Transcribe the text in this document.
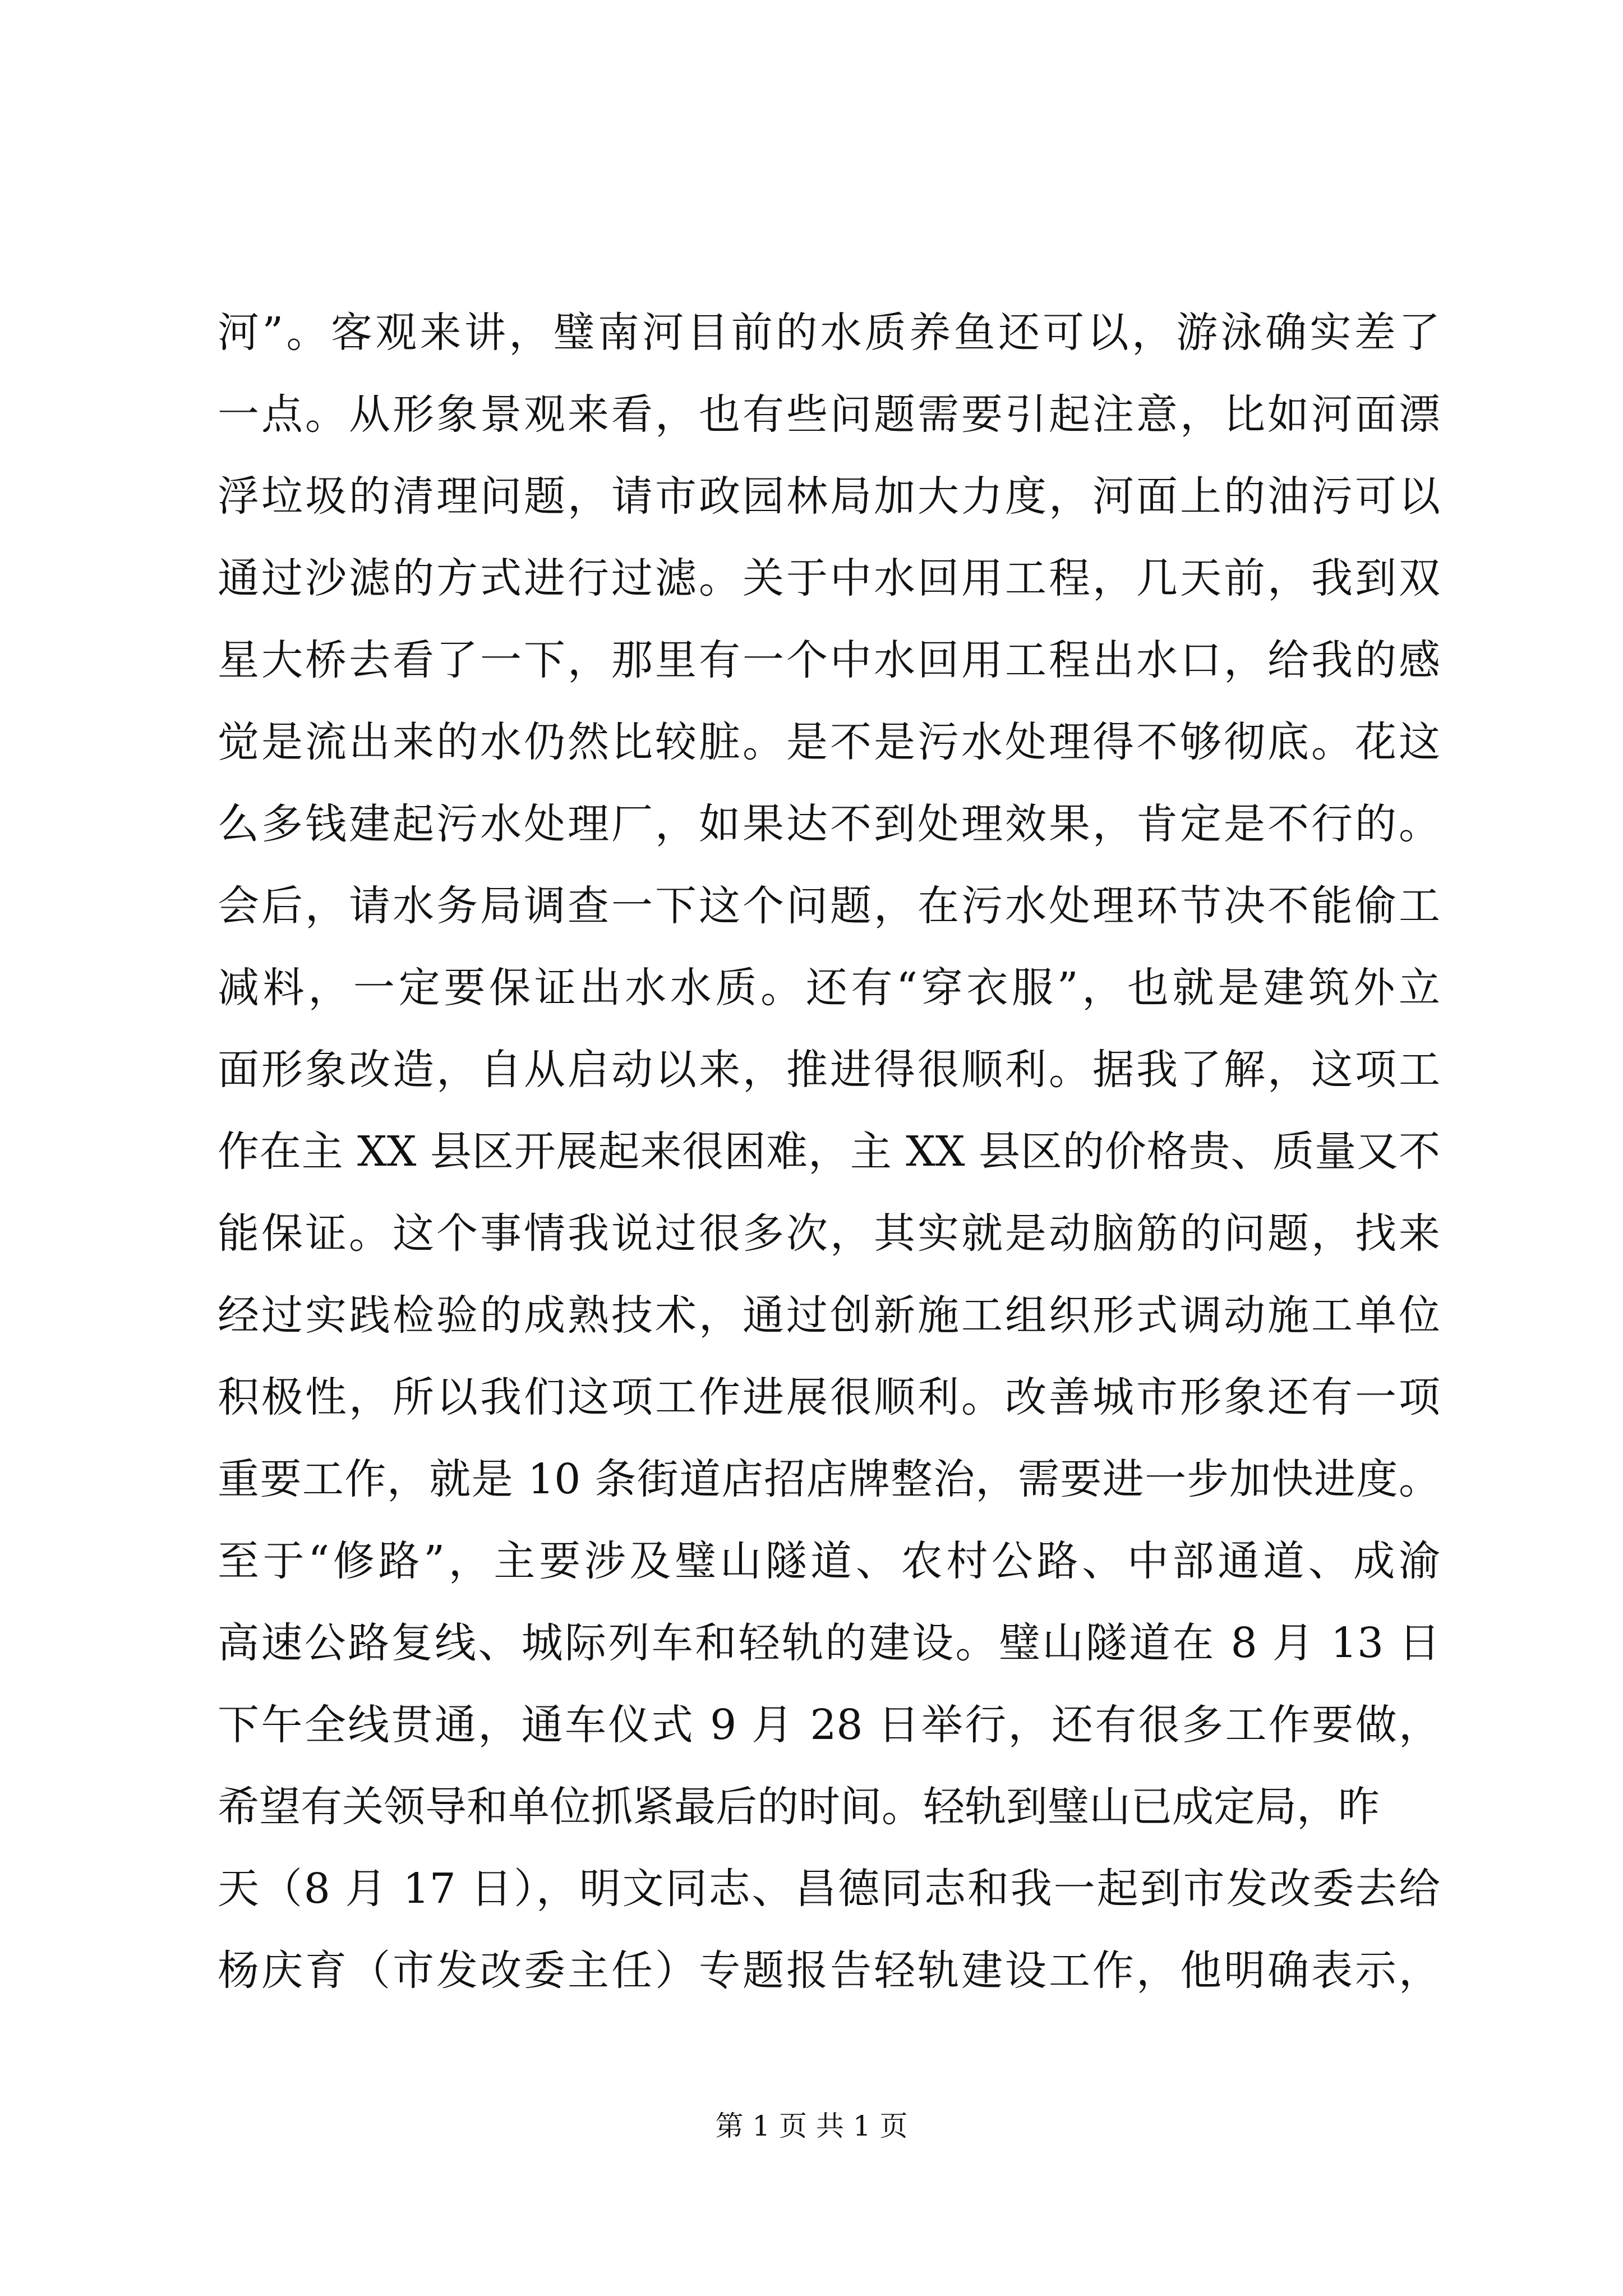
河”。客观来讲，璧南河目前的水质养鱼还可以，游泳确实差了
一点。从形象景观来看，也有些问题需要引起注意，比如河面漂
浮垃圾的清理问题，请市政园林局加大力度，河面上的油污可以
通过沙滤的方式进行过滤。关于中水回用工程，几天前，我到双
星大桥去看了一下，那里有一个中水回用工程出水口，给我的感
觉是流出来的水仍然比较脏。是不是污水处理得不够彻底。花这
么多钱建起污水处理厂，如果达不到处理效果，肯定是不行的。
会后，请水务局调查一下这个问题，在污水处理环节决不能偷工
减料，一定要保证出水水质。还有“穿衣服”，也就是建筑外立
面形象改造，自从启动以来，推进得很顺利。据我了解，这项工
作在主 XX 县区开展起来很困难，主 XX 县区的价格贵、质量又不
能保证。这个事情我说过很多次，其实就是动脑筋的问题，找来
经过实践检验的成熟技术，通过创新施工组织形式调动施工单位
积极性，所以我们这项工作进展很顺利。改善城市形象还有一项
重要工作，就是 10 条街道店招店牌整治，需要进一步加快进度。
至于“修路”，主要涉及璧山隧道、农村公路、中部通道、成渝
高速公路复线、城际列车和轻轨的建设。璧山隧道在 8 月 13 日
下午全线贯通，通车仪式 9 月 28 日举行，还有很多工作要做，
希望有关领导和单位抓紧最后的时间。轻轨到璧山已成定局，昨
天（8 月 17 日），明文同志、昌德同志和我一起到市发改委去给
杨庆育（市发改委主任）专题报告轻轨建设工作，他明确表示，
第 1 页 共 1 页
